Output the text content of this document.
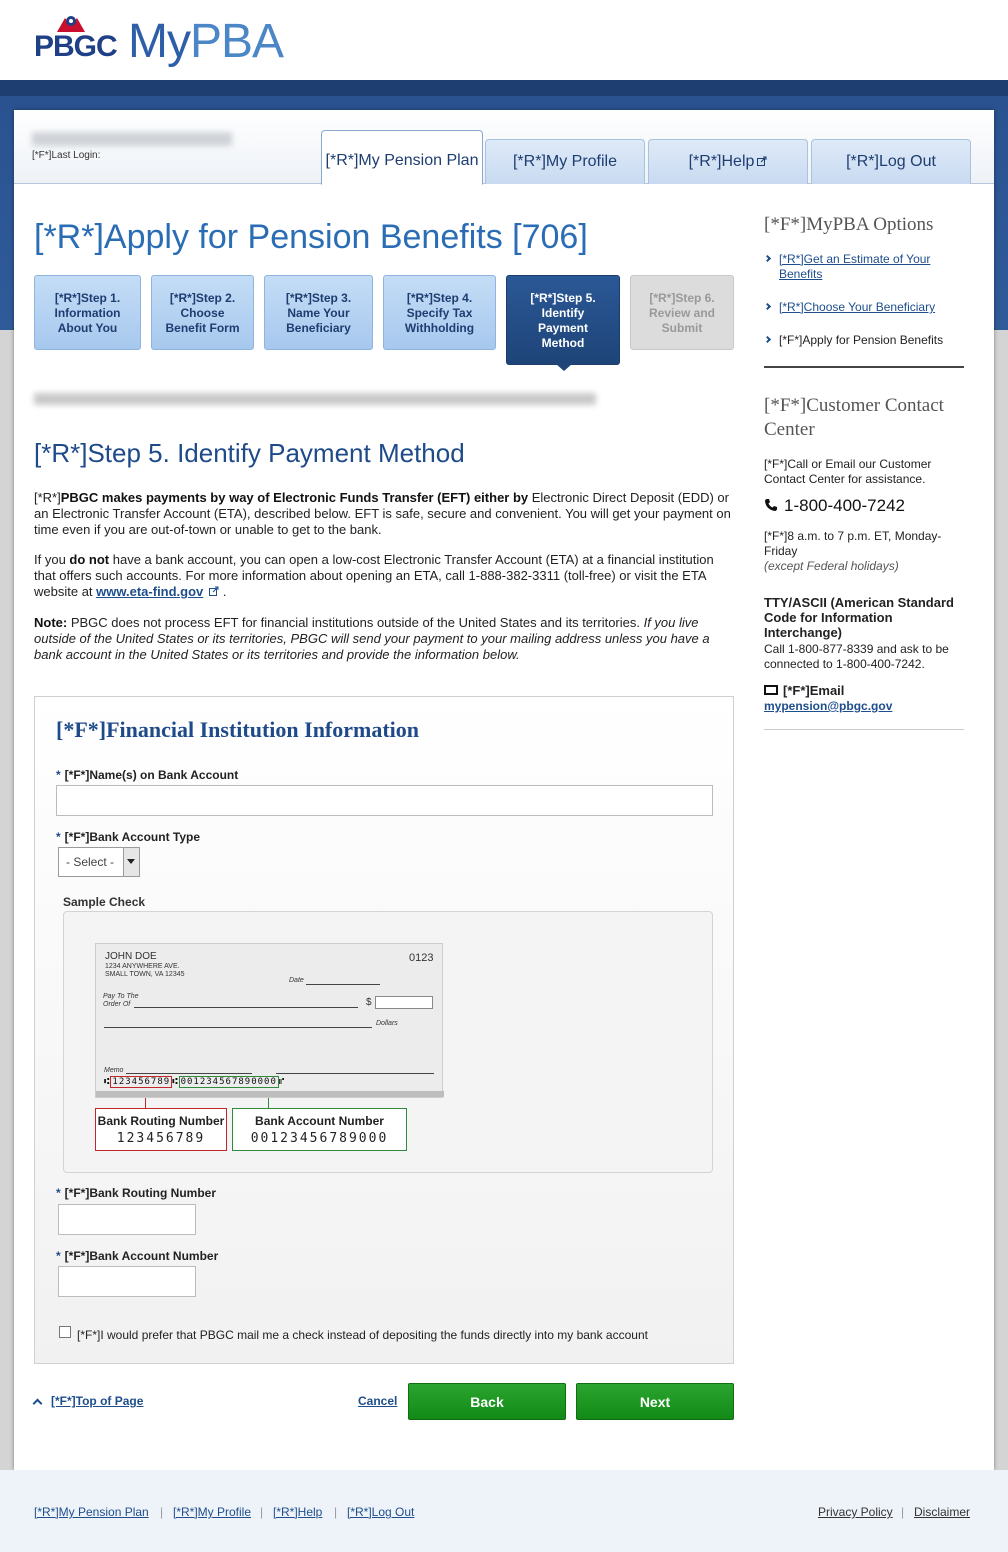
PBGC MyPBA
[*F*]Last Login:	[*R*]My Pension Plan	[*R*]My Profile	[*R*]Help	[*R*]Log Out
[*R*]Apply for Pension Benefits [706]
[*R*]Step 1.
Information
About You
[*R*]Step 2.
Choose
Benefit Form
[*R*]Step 3.
Name Your
Beneficiary
[*R*]Step 4.
Specify Tax
Withholding
[*R*]Step 5.
Identify
Payment
Method
[*R*]Step 6.
Review and
Submit
[*R*]Step 5. Identify Payment Method

[*R*]PBGC makes payments by way of Electronic Funds Transfer (EFT) either by Electronic Direct Deposit (EDD) or an Electronic Transfer Account (ETA), described below. EFT is safe, secure and convenient. You will get your payment on time even if you are out-of-town or unable to get to the bank.

If you do not have a bank account, you can open a low-cost Electronic Transfer Account (ETA) at a financial institution that offers such accounts. For more information about opening an ETA, call 1-888-382-3311 (toll-free) or visit the ETA website at www.eta-find.gov .

Note: PBGC does not process EFT for financial institutions outside of the United States and its territories. If you live outside of the United States or its territories, PBGC will send your payment to your mailing address unless you have a bank account in the United States or its territories and provide the information below.

[*F*]Financial Institution Information
* [*F*]Name(s) on Bank Account
* [*F*]Bank Account Type
- Select -
Sample Check
JOHN DOE
1234 ANYWHERE AVE.
SMALL TOWN, VA 12345
0123
Date
Pay To The
Order Of	$
Dollars
Memo
⑆ 123456789 ⑆ 001234567890000 ⑈
Bank Routing Number
123456789
Bank Account Number
00123456789000
* [*F*]Bank Routing Number
* [*F*]Bank Account Number
[*F*]I would prefer that PBGC mail me a check instead of depositing the funds directly into my bank account
[*F*]Top of Page	Cancel	Back	Next
[*F*]MyPBA Options
[*R*]Get an Estimate of Your Benefits
[*R*]Choose Your Beneficiary
[*F*]Apply for Pension Benefits
[*F*]Customer Contact Center
[*F*]Call or Email our Customer Contact Center for assistance.
1-800-400-7242
[*F*]8 a.m. to 7 p.m. ET, Monday-Friday
(except Federal holidays)
TTY/ASCII (American Standard Code for Information Interchange)
Call 1-800-877-8339 and ask to be connected to 1-800-400-7242.
[*F*]Email
mypension@pbgc.gov
[*R*]My Pension Plan | [*R*]My Profile | [*R*]Help | [*R*]Log Out	Privacy Policy | Disclaimer
